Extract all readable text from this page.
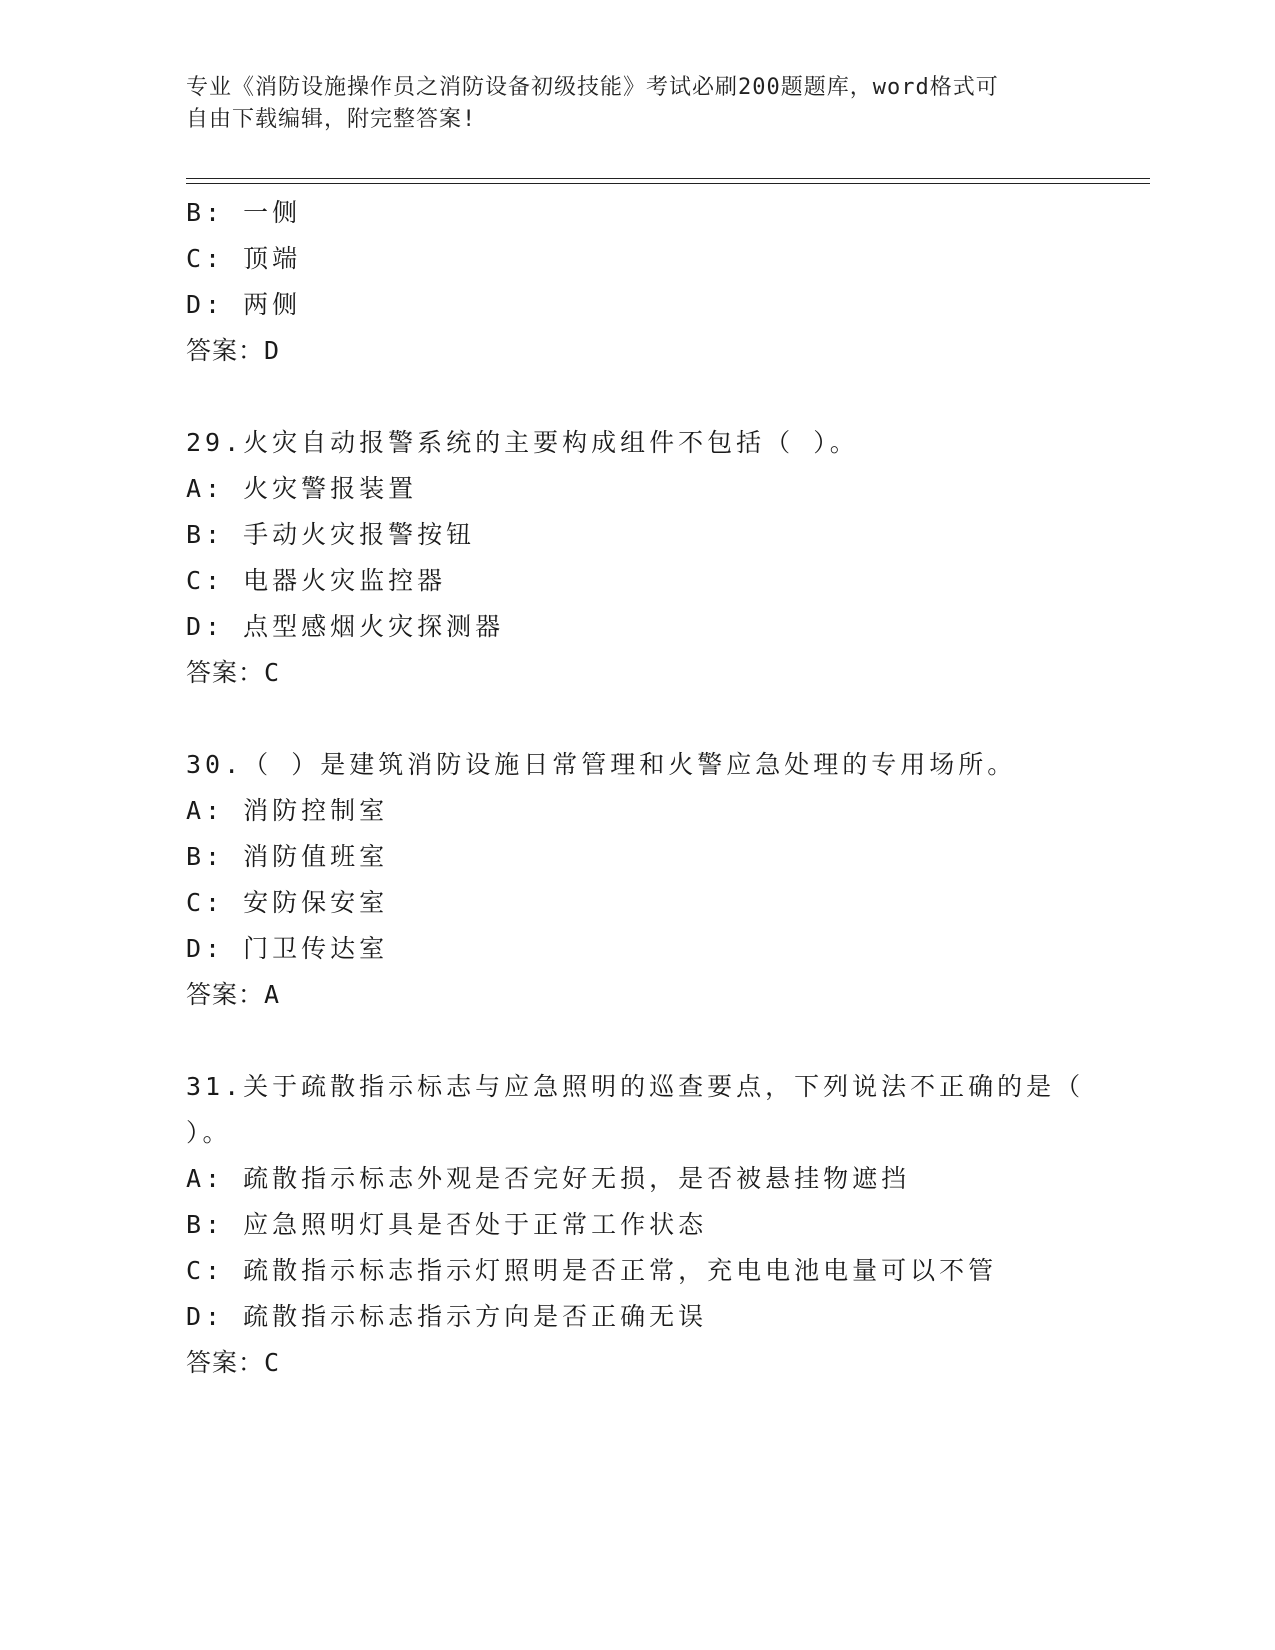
专业《消防设施操作员之消防设备初级技能》考试必刷200题题库，word格式可
自由下载编辑，附完整答案!
B: 一侧
C: 顶端
D: 两侧
答案：D
29.火灾自动报警系统的主要构成组件不包括（ ）。
A: 火灾警报装置
B: 手动火灾报警按钮
C: 电器火灾监控器
D: 点型感烟火灾探测器
答案：C
30.（ ）是建筑消防设施日常管理和火警应急处理的专用场所。
A: 消防控制室
B: 消防值班室
C: 安防保安室
D: 门卫传达室
答案：A
31.关于疏散指示标志与应急照明的巡查要点，下列说法不正确的是（
）。
A: 疏散指示标志外观是否完好无损，是否被悬挂物遮挡
B: 应急照明灯具是否处于正常工作状态
C: 疏散指示标志指示灯照明是否正常，充电电池电量可以不管
D: 疏散指示标志指示方向是否正确无误
答案：C
